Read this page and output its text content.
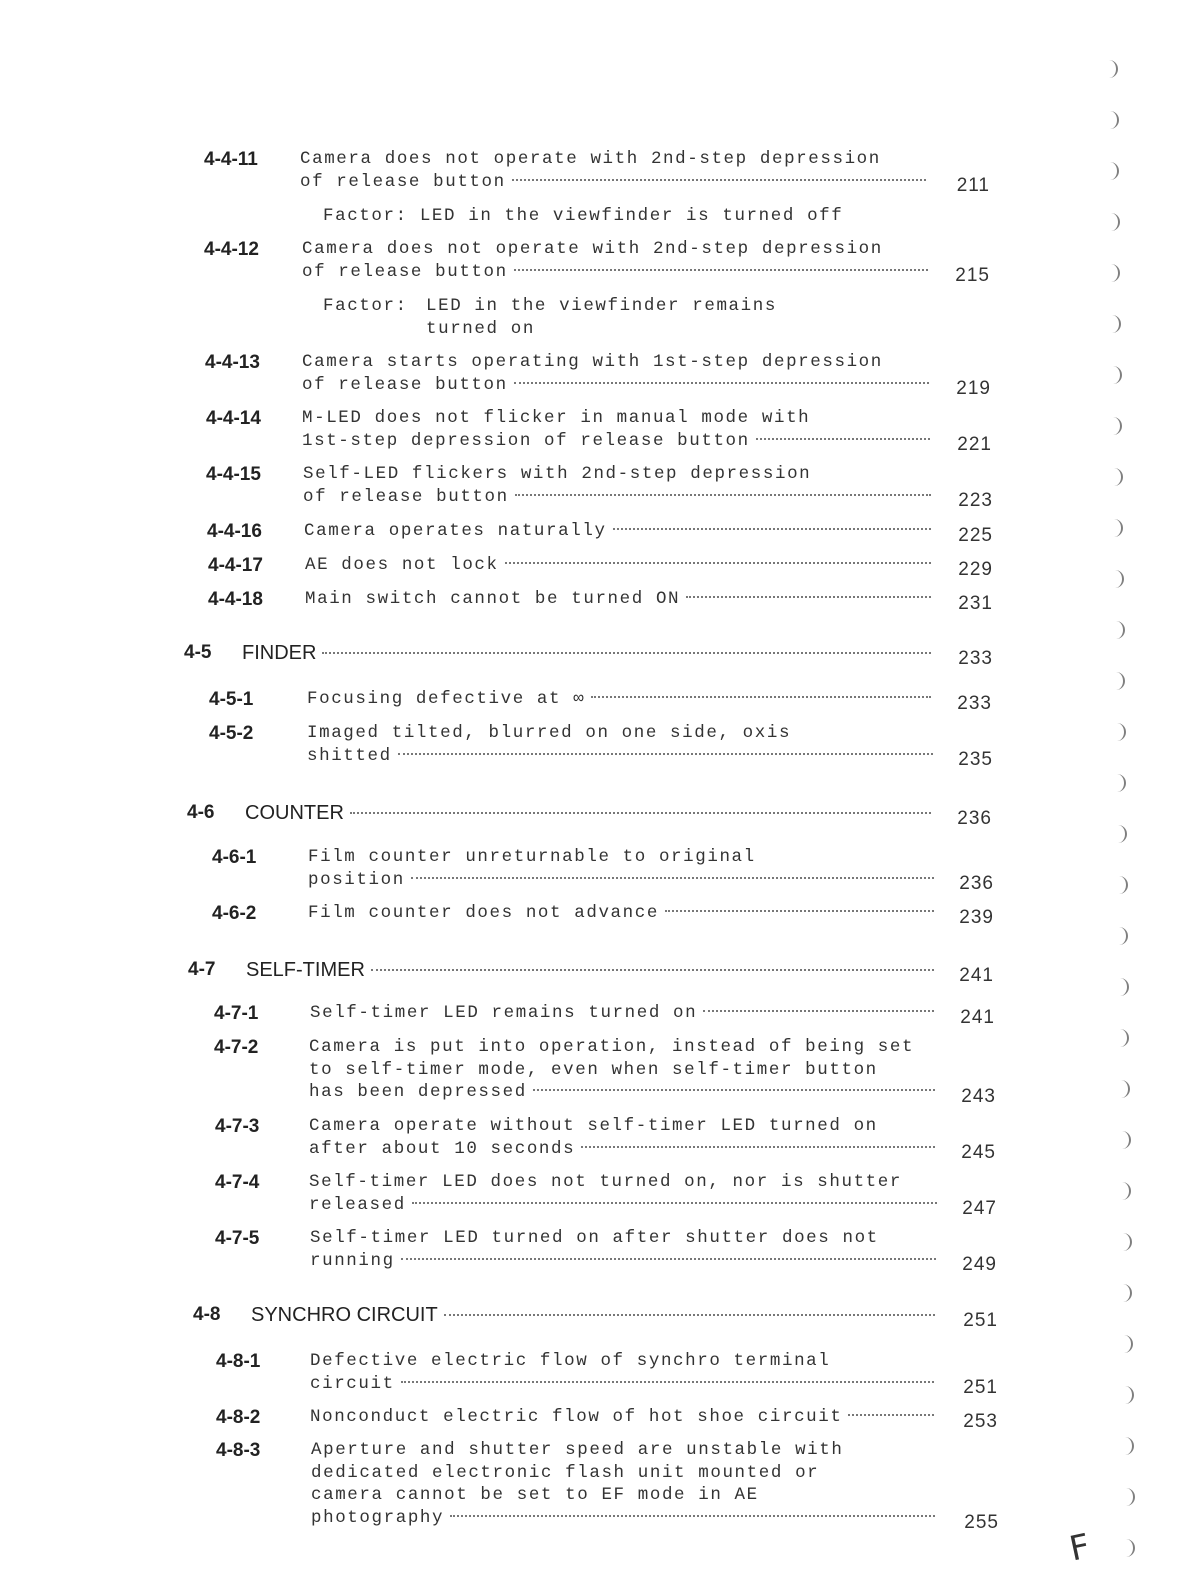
4-4-11 Camera does not operate with 2nd-step depression
of release button	211
Factor: LED in the viewfinder is turned off
4-4-12 Camera does not operate with 2nd-step depression
of release button	215
Factor: LED in the viewfinder remains
turned on
4-4-13 Camera starts operating with 1st-step depression
of release button	219
4-4-14 M-LED does not flicker in manual mode with
1st-step depression of release button	221
4-4-15 Self-LED flickers with 2nd-step depression
of release button	223
4-4-16 Camera operates naturally	225
4-4-17 AE does not lock	229
4-4-18 Main switch cannot be turned ON	231
4-5 FINDER	233
4-5-1	Focusing defective at ∞	233
4-5-2	Imaged tilted, blurred on one side, oxis
shitted	235
4-6 COUNTER	236
4-6-1	Film counter unreturnable to original
position	236
4-6-2	Film counter does not advance	239
4-7 SELF-TIMER	241
4-7-1	Self-timer LED remains turned on	241
4-7-2	Camera is put into operation, instead of being set
to self-timer mode, even when self-timer button
has been depressed	243
4-7-3	Camera operate without self-timer LED turned on
after about 10 seconds	245
4-7-4	Self-timer LED does not turned on, nor is shutter
released	247
4-7-5	Self-timer LED turned on after shutter does not
running	249
4-8 SYNCHRO CIRCUIT	251
4-8-1	Defective electric flow of synchro terminal
circuit	251
4-8-2	Nonconduct electric flow of hot shoe circuit	253
4-8-3	Aperture and shutter speed are unstable with
dedicated electronic flash unit mounted or
camera cannot be set to EF mode in AE
photography	255
F
